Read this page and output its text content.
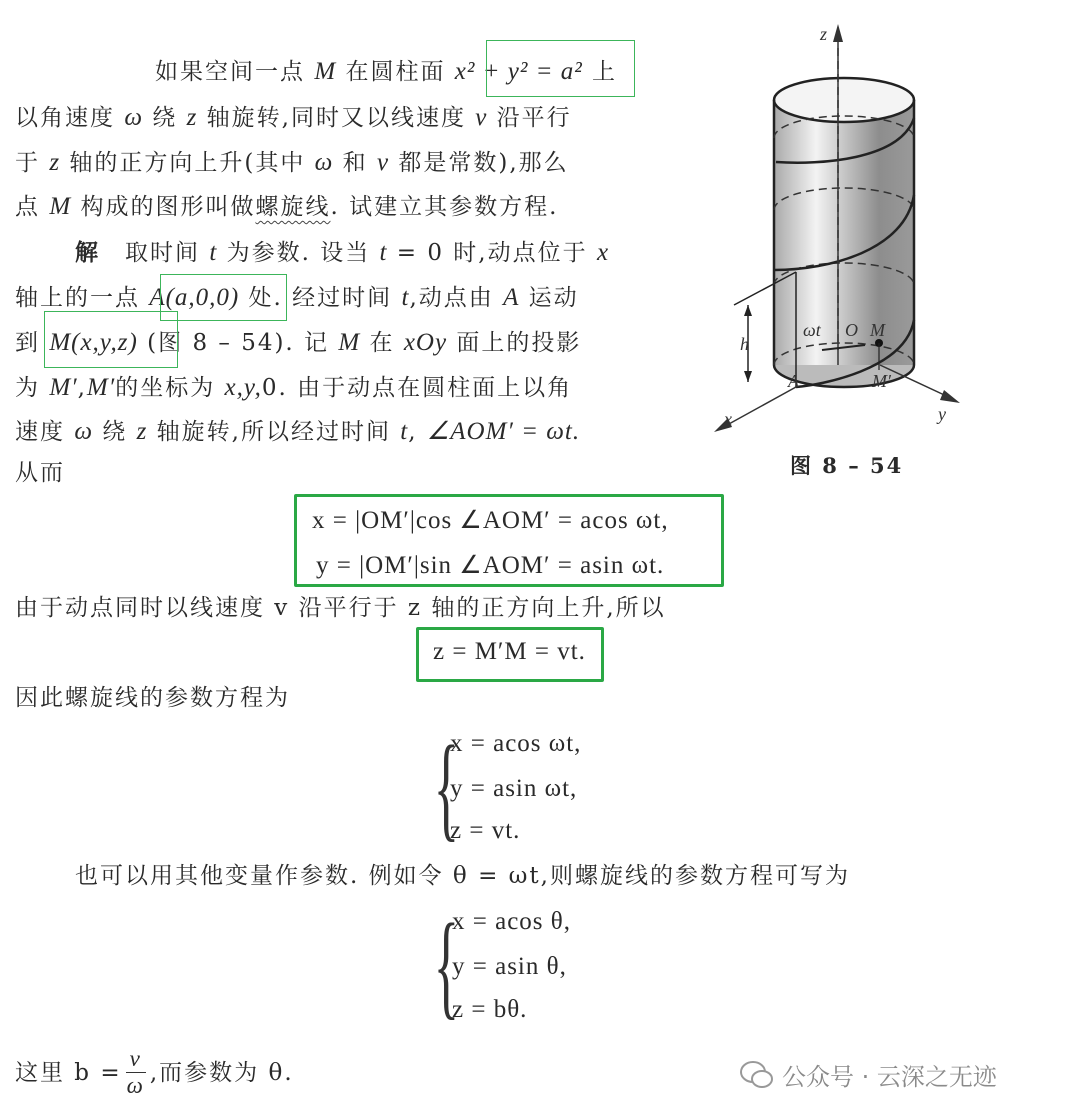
如果空间一点 M 在圆柱面 x² + y² = a² 上
以角速度 ω 绕 z 轴旋转,同时又以线速度 v 沿平行
于 z 轴的正方向上升(其中 ω 和 v 都是常数),那么
点 M 构成的图形叫做螺旋线. 试建立其参数方程.
解　取时间 t 为参数. 设当 t = 0 时,动点位于 x
轴上的一点 A(a,0,0) 处. 经过时间 t,动点由 A 运动
到 M(x,y,z) (图 8 – 54). 记 M 在 xOy 面上的投影
为 M′,M′的坐标为 x,y,0. 由于动点在圆柱面上以角
速度 ω 绕 z 轴旋转,所以经过时间 t, ∠AOM′ = ωt.
从而
x = |OM′|cos ∠AOM′ = acos ωt,
y = |OM′|sin ∠AOM′ = asin ωt.
由于动点同时以线速度 v 沿平行于 z 轴的正方向上升,所以
z = M′M = vt.
因此螺旋线的参数方程为
{
x = acos ωt,
y = asin ωt,
z = vt.
也可以用其他变量作参数. 例如令 θ = ωt,则螺旋线的参数方程可写为
{
x = acos θ,
y = asin θ,
z = bθ.
这里 $b = \frac{v}{\omega}$ ,而参数为 θ.
z
x	y
h
A
O M
M′
ωt
图 8 – 54
公众号 · 云深之无迹
